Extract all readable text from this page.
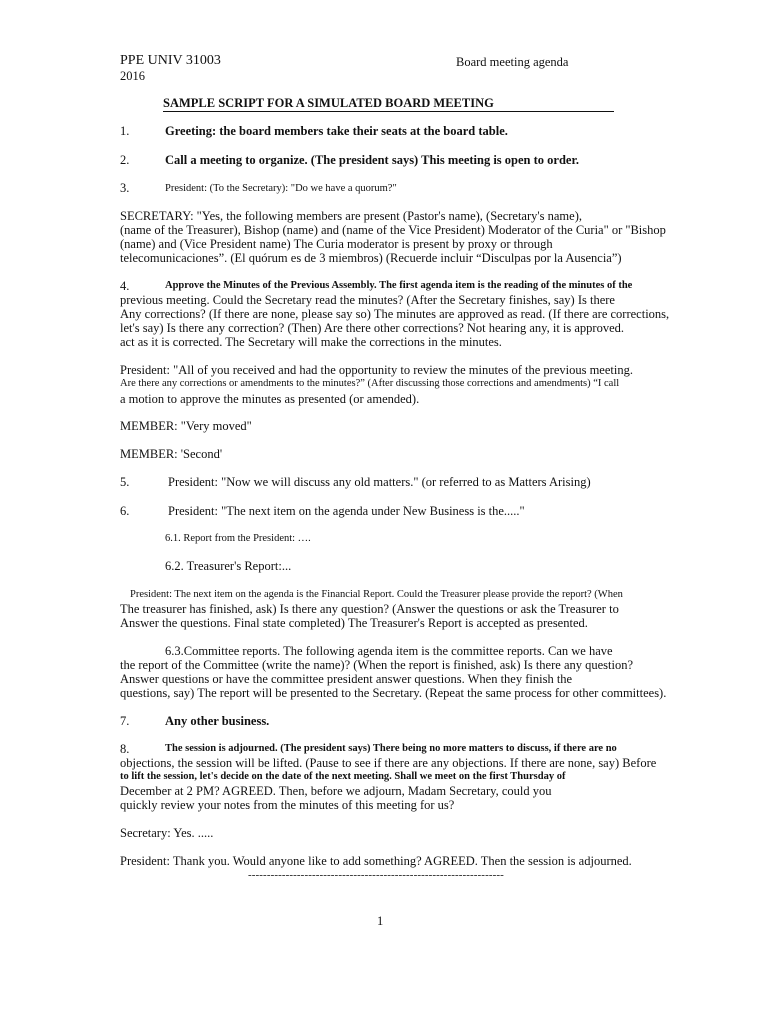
PPE UNIV 31003	Board meeting agenda
2016
SAMPLE SCRIPT FOR A SIMULATED BOARD MEETING
1.	Greeting: the board members take their seats at the board table.
2.	Call a meeting to organize. (The president says) This meeting is open to order.
3.	President: (To the Secretary): "Do we have a quorum?"
SECRETARY: "Yes, the following members are present (Pastor's name), (Secretary's name),
(name of the Treasurer), Bishop (name) and (name of the Vice President) Moderator of the Curia" or "Bishop
(name) and (Vice President name) The Curia moderator is present by proxy or through
telecomunicaciones”. (El quórum es de 3 miembros) (Recuerde incluir “Disculpas por la Ausencia”)
4.	Approve the Minutes of the Previous Assembly. The first agenda item is the reading of the minutes of the
previous meeting. Could the Secretary read the minutes? (After the Secretary finishes, say) Is there
Any corrections? (If there are none, please say so) The minutes are approved as read. (If there are corrections,
let's say) Is there any correction? (Then) Are there other corrections? Not hearing any, it is approved.
act as it is corrected. The Secretary will make the corrections in the minutes.
President: "All of you received and had the opportunity to review the minutes of the previous meeting.
Are there any corrections or amendments to the minutes?” (After discussing those corrections and amendments) “I call
a motion to approve the minutes as presented (or amended).
MEMBER: "Very moved"
MEMBER: 'Second'
5.	President: "Now we will discuss any old matters." (or referred to as Matters Arising)
6.	President: "The next item on the agenda under New Business is the....."
6.1. Report from the President: ….
6.2. Treasurer's Report:...
President: The next item on the agenda is the Financial Report. Could the Treasurer please provide the report? (When
The treasurer has finished, ask) Is there any question? (Answer the questions or ask the Treasurer to
Answer the questions. Final state completed) The Treasurer's Report is accepted as presented.
6.3.Committee reports. The following agenda item is the committee reports. Can we have
the report of the Committee (write the name)? (When the report is finished, ask) Is there any question?
Answer questions or have the committee president answer questions. When they finish the
questions, say) The report will be presented to the Secretary. (Repeat the same process for other committees).
7.	Any other business.
8.	The session is adjourned. (The president says) There being no more matters to discuss, if there are no
objections, the session will be lifted. (Pause to see if there are any objections. If there are none, say) Before
to lift the session, let's decide on the date of the next meeting. Shall we meet on the first Thursday of
December at 2 PM? AGREED. Then, before we adjourn, Madam Secretary, could you
quickly review your notes from the minutes of this meeting for us?
Secretary: Yes. .....
President: Thank you. Would anyone like to add something? AGREED. Then the session is adjourned.
--------------------------------------------------------------------
1
